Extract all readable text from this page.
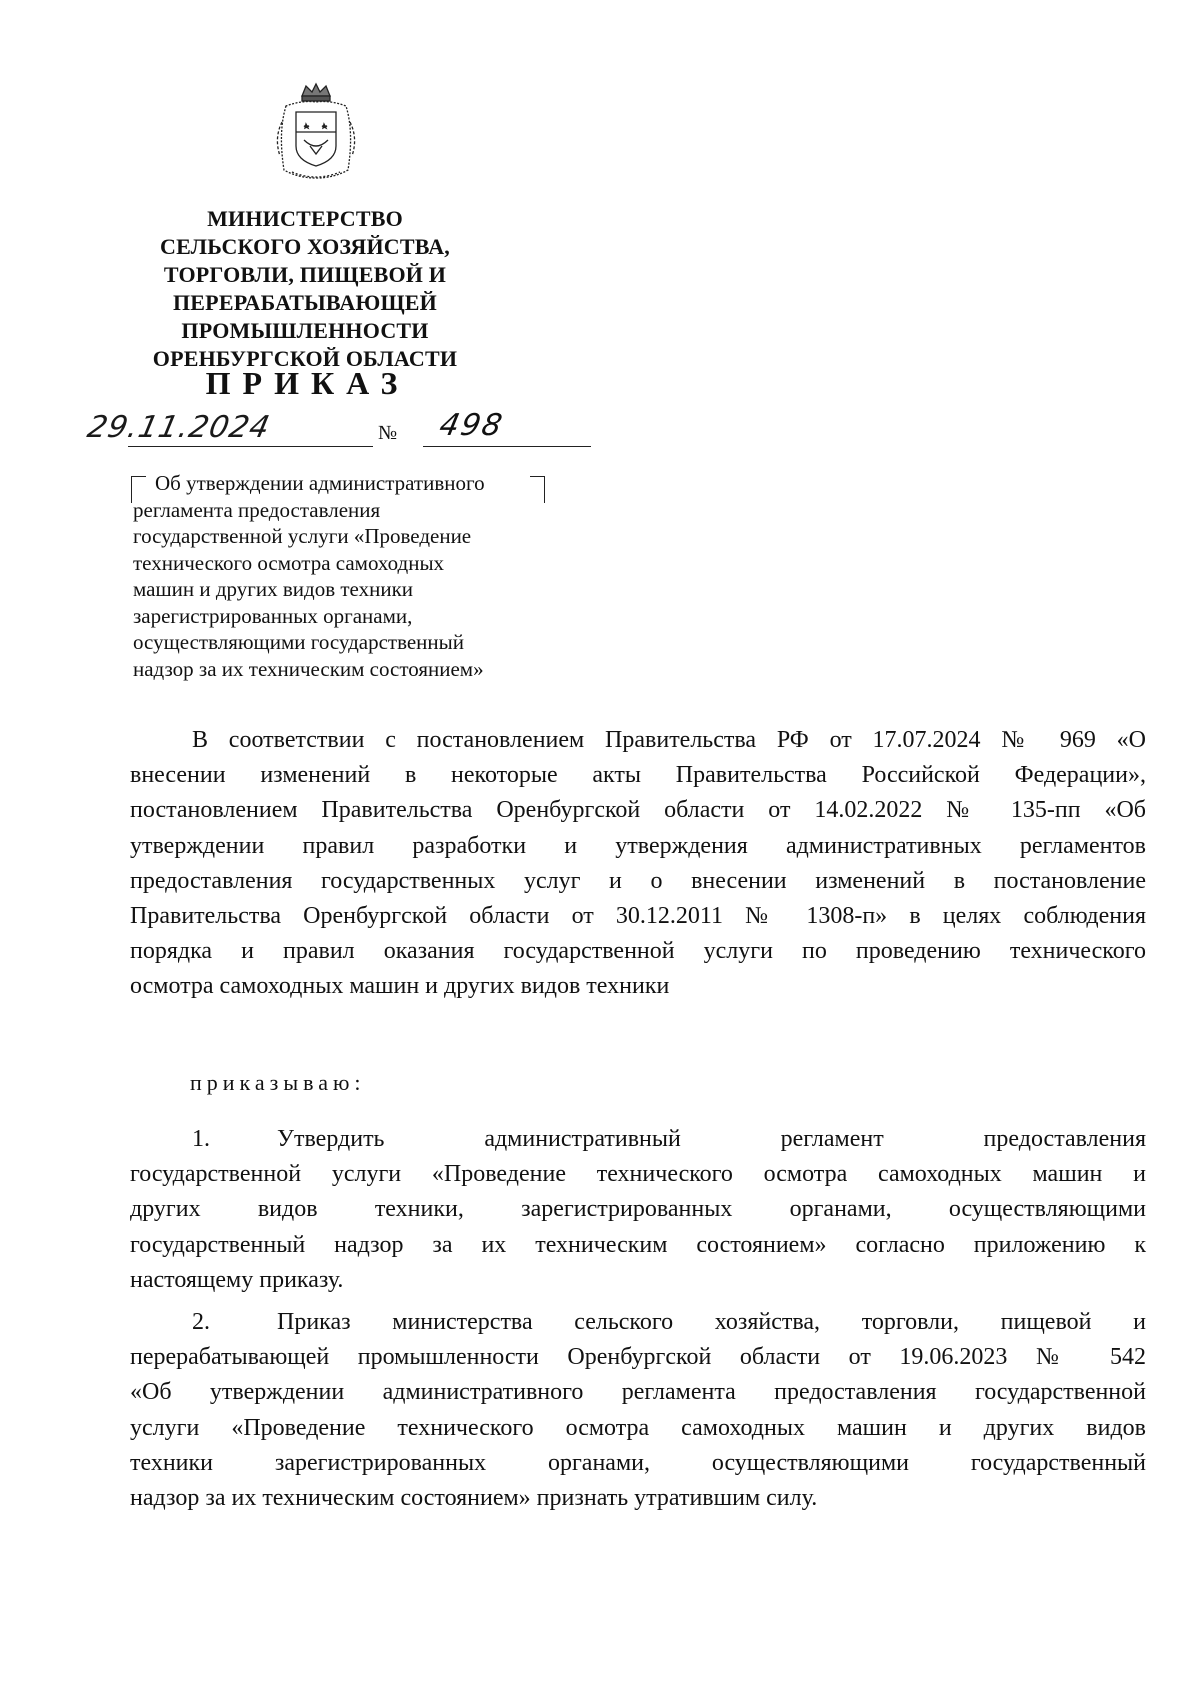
МИНИСТЕРСТВО
СЕЛЬСКОГО ХОЗЯЙСТВА,
ТОРГОВЛИ, ПИЩЕВОЙ И
ПЕРЕРАБАТЫВАЮЩЕЙ
ПРОМЫШЛЕННОСТИ
ОРЕНБУРГСКОЙ ОБЛАСТИ
ПРИКАЗ
29.11.2024	№ 498
Об утверждении административного
регламента предоставления
государственной услуги «Проведение
технического осмотра самоходных
машин и других видов техники
зарегистрированных органами,
осуществляющими государственный
надзор за их техническим состоянием»
В соответствии с постановлением Правительства РФ от 17.07.2024 № 969 «О
внесении изменений в некоторые акты Правительства Российской Федерации»,
постановлением Правительства Оренбургской области от 14.02.2022 № 135-пп «Об
утверждении правил разработки и утверждения административных регламентов
предоставления государственных услуг и о внесении изменений в постановление
Правительства Оренбургской области от 30.12.2011 № 1308-п» в целях соблюдения
порядка и правил оказания государственной услуги по проведению технического
осмотра самоходных машин и других видов техники
приказываю:
1.	Утвердить административный регламент предоставления
государственной услуги «Проведение технического осмотра самоходных машин и
других видов техники, зарегистрированных органами, осуществляющими
государственный надзор за их техническим состоянием» согласно приложению к
настоящему приказу.
2.	Приказ министерства сельского хозяйства, торговли, пищевой и
перерабатывающей промышленности Оренбургской области от 19.06.2023 № 542
«Об утверждении административного регламента предоставления государственной
услуги «Проведение технического осмотра самоходных машин и других видов
техники зарегистрированных органами, осуществляющими государственный
надзор за их техническим состоянием» признать утратившим силу.
